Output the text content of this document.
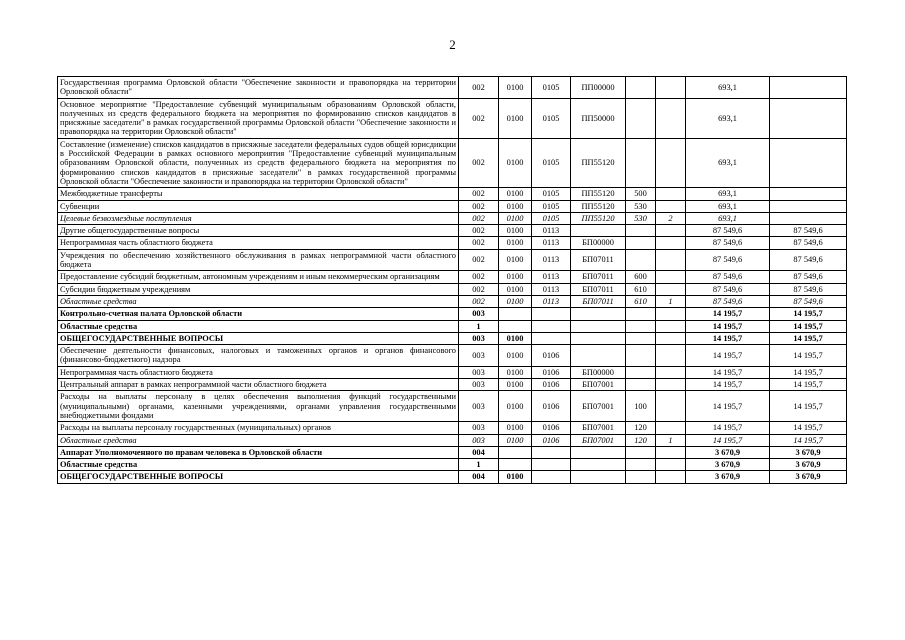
2
Государственная программа Орловской области "Обеспечение законности и правопорядка на территории Орловской области"	002	0100	0105	ПП00000			693,1	
Основное мероприятие "Предоставление субвенций муниципальным образованиям Орловской области, полученных из средств федерального бюджета на мероприятия по формированию списков кандидатов в присяжные заседатели" в рамках государственной программы Орловской области "Обеспечение законности и правопорядка на территории Орловской области"	002	0100	0105	ПП50000			693,1	
Составление (изменение) списков кандидатов в присяжные заседатели федеральных судов общей юрисдикции в Российской Федерации в рамках основного мероприятия "Предоставление субвенций муниципальным образованиям Орловской области, полученных из средств федерального бюджета на мероприятия по формированию списков кандидатов в присяжные заседатели" в рамках государственной программы Орловской области "Обеспечение законности и правопорядка на территории Орловской области"	002	0100	0105	ПП55120			693,1	
Межбюджетные трансферты	002	0100	0105	ПП55120	500		693,1	
Субвенции	002	0100	0105	ПП55120	530		693,1	
Целевые безвозмездные поступления	002	0100	0105	ПП55120	530	2	693,1	
Другие общегосударственные вопросы	002	0100	0113				87 549,6	87 549,6
Непрограммная часть областного бюджета	002	0100	0113	БП00000			87 549,6	87 549,6
Учреждения по обеспечению хозяйственного обслуживания в рамках непрограммной части областного бюджета	002	0100	0113	БП07011			87 549,6	87 549,6
Предоставление субсидий бюджетным, автономным учреждениям и иным некоммерческим организациям	002	0100	0113	БП07011	600		87 549,6	87 549,6
Субсидии бюджетным учреждениям	002	0100	0113	БП07011	610		87 549,6	87 549,6
Областные средства	002	0100	0113	БП07011	610	1	87 549,6	87 549,6
Контрольно-счетная палата Орловской области	003						14 195,7	14 195,7
Областные средства	1						14 195,7	14 195,7
ОБЩЕГОСУДАРСТВЕННЫЕ ВОПРОСЫ	003	0100					14 195,7	14 195,7
Обеспечение деятельности финансовых, налоговых и таможенных органов и органов финансового (финансово-бюджетного) надзора	003	0100	0106				14 195,7	14 195,7
Непрограммная часть областного бюджета	003	0100	0106	БП00000			14 195,7	14 195,7
Центральный аппарат в рамках непрограммной части областного бюджета	003	0100	0106	БП07001			14 195,7	14 195,7
Расходы на выплаты персоналу в целях обеспечения выполнения функций государственными (муниципальными) органами, казенными учреждениями, органами управления государственными внебюджетными фондами	003	0100	0106	БП07001	100		14 195,7	14 195,7
Расходы на выплаты персоналу государственных (муниципальных) органов	003	0100	0106	БП07001	120		14 195,7	14 195,7
Областные средства	003	0100	0106	БП07001	120	1	14 195,7	14 195,7
Аппарат Уполномоченного по правам человека в Орловской области	004						3 670,9	3 670,9
Областные средства	1						3 670,9	3 670,9
ОБЩЕГОСУДАРСТВЕННЫЕ ВОПРОСЫ	004	0100					3 670,9	3 670,9
